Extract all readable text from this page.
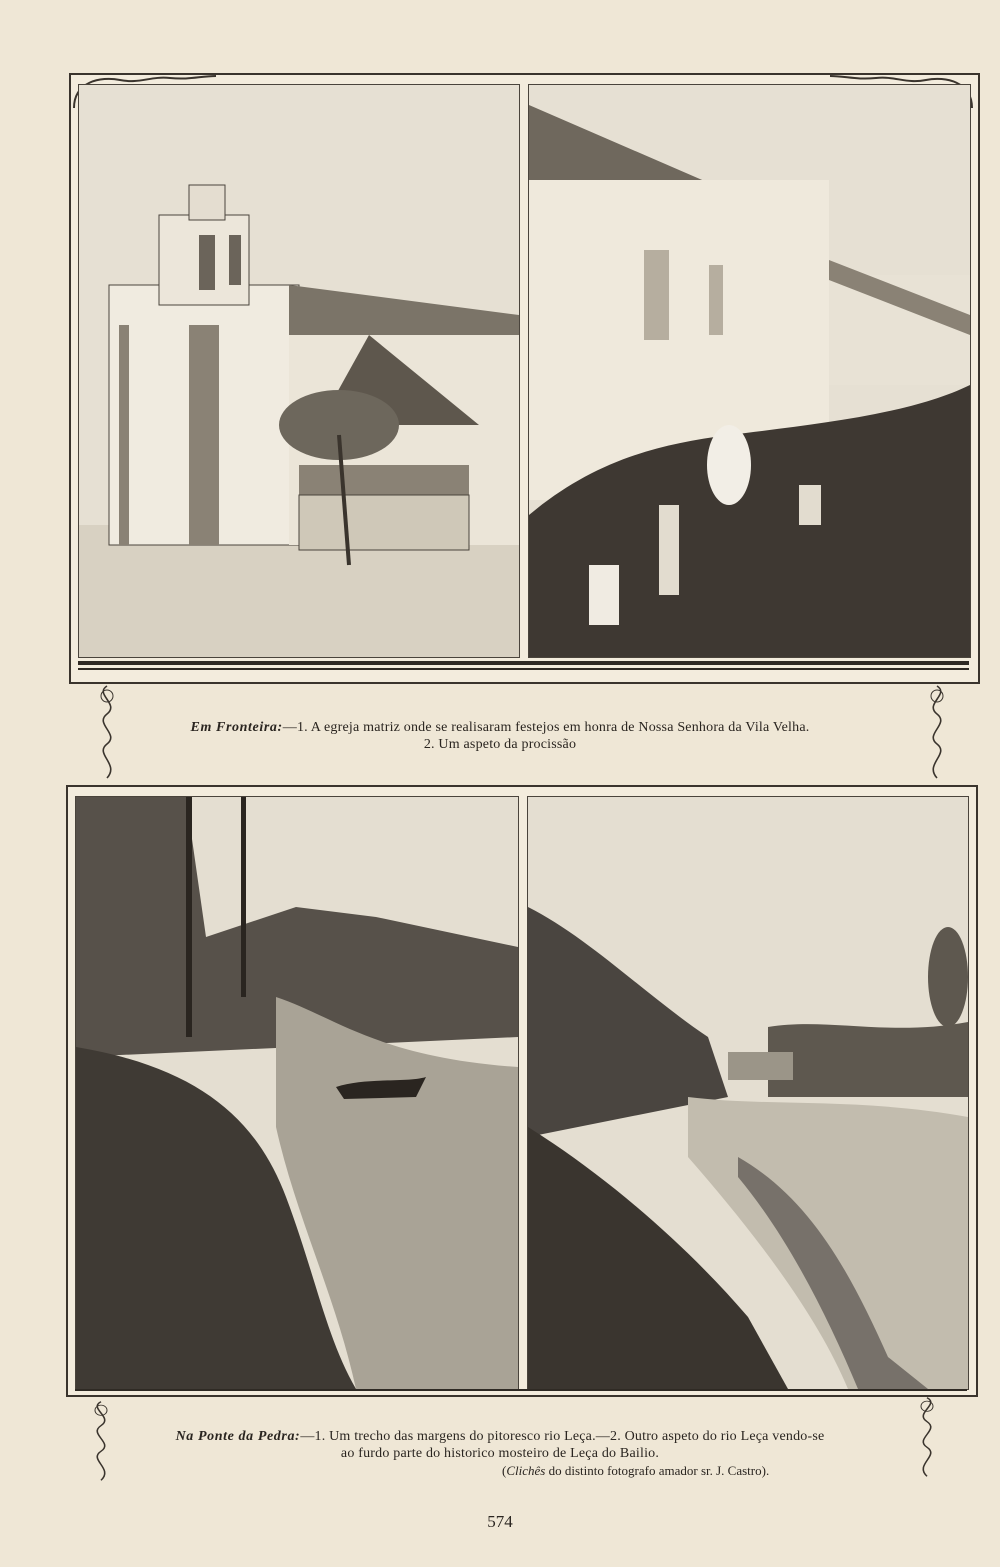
Em Fronteira:—1. A egreja matriz onde se realisaram festejos em honra de Nossa Senhora da Vila Velha.
2. Um aspeto da procissão
Na Ponte da Pedra:—1. Um trecho das margens do pitoresco rio Leça.—2. Outro aspeto do rio Leça vendo-se
ao furdo parte do historico mosteiro de Leça do Bailio.
(Clichês do distinto fotografo amador sr. J. Castro).
574
